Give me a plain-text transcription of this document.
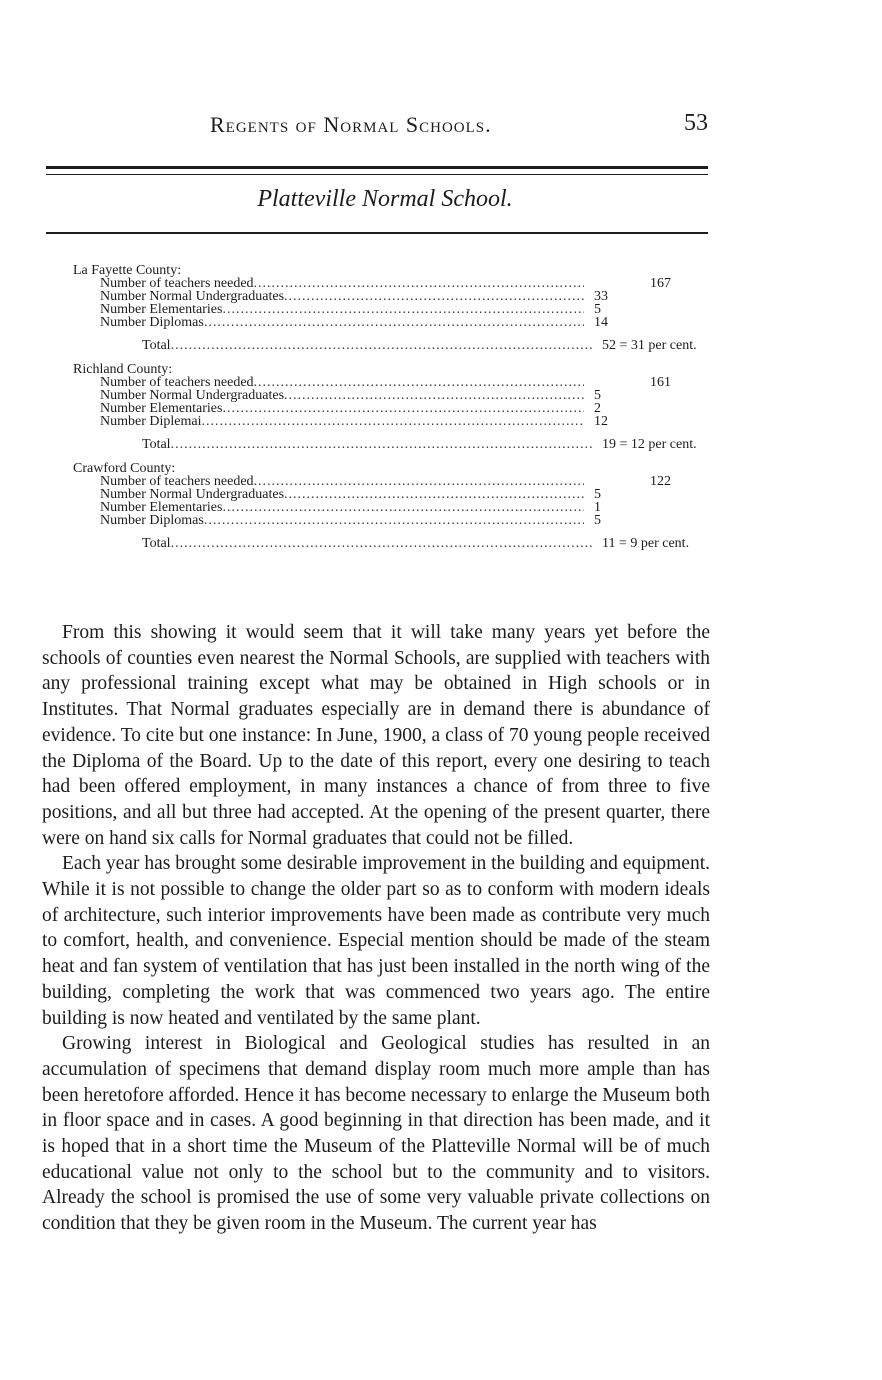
Regents of Normal Schools.	53
Platteville Normal School.
La Fayette County:
Number of teachers needed .....	167
Number Normal Undergraduates .....	33
Number Elementaries .....	5
Number Diplomas .....	14
Total .....	52 = 31 per cent.
Richland County:
Number of teachers needed .....	161
Number Normal Undergraduates .....	5
Number Elementaries .....	2
Number Diplemai .....	12
Total .....	19 = 12 per cent.
Crawford County:
Number of teachers needed .....	122
Number Normal Undergraduates .....	5
Number Elementaries .....	1
Number Diplomas .....	5
Total .....	11 = 9 per cent.

From this showing it would seem that it will take many years yet before the schools of counties even nearest the Normal Schools, are supplied with teachers with any professional training except what may be obtained in High schools or in Institutes. That Normal graduates especially are in demand there is abundance of evidence. To cite but one instance: In June, 1900, a class of 70 young people received the Diploma of the Board. Up to the date of this report, every one desiring to teach had been offered employment, in many instances a chance of from three to five positions, and all but three had accepted. At the opening of the present quarter, there were on hand six calls for Normal graduates that could not be filled.

Each year has brought some desirable improvement in the building and equipment. While it is not possible to change the older part so as to conform with modern ideals of architecture, such interior improvements have been made as contribute very much to comfort, health, and convenience. Especial mention should be made of the steam heat and fan system of ventilation that has just been installed in the north wing of the building, completing the work that was commenced two years ago. The entire building is now heated and ventilated by the same plant.

Growing interest in Biological and Geological studies has resulted in an accumulation of specimens that demand display room much more ample than has been heretofore afforded. Hence it has become necessary to enlarge the Museum both in floor space and in cases. A good beginning in that direction has been made, and it is hoped that in a short time the Museum of the Platteville Normal will be of much educational value not only to the school but to the community and to visitors. Already the school is promised the use of some very valuable private collections on condition that they be given room in the Museum. The current year has
